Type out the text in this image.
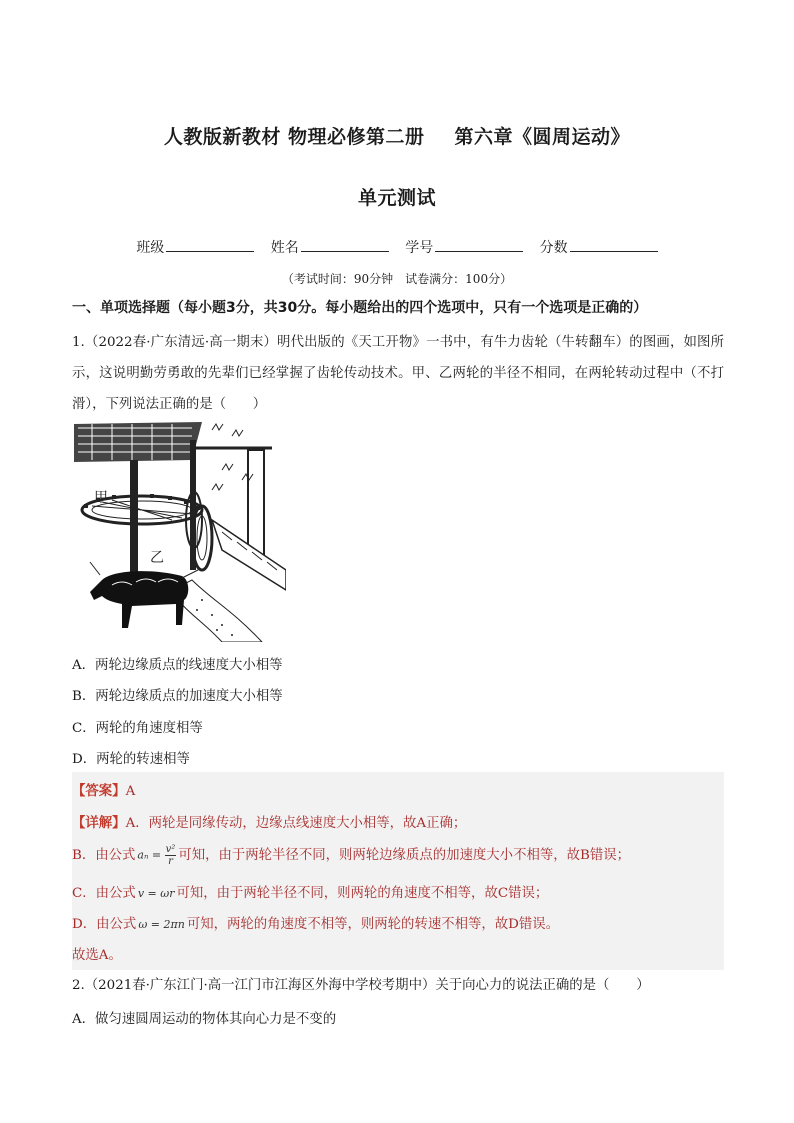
人教版新教材 物理必修第二册 第六章《圆周运动》
单元测试
班级	姓名	学号	分数
（考试时间：90分钟　试卷满分：100分）
一、单项选择题（每小题3分，共30分。每小题给出的四个选项中，只有一个选项是正确的）
1.（2022春·广东清远·高一期末）明代出版的《天工开物》一书中，有牛力齿轮（牛转翻车）的图画，如图所示，这说明勤劳勇敢的先辈们已经掌握了齿轮传动技术。甲、乙两轮的半径不相同，在两轮转动过程中（不打滑），下列说法正确的是（　　）
甲
乙
A．两轮边缘质点的线速度大小相等
B．两轮边缘质点的加速度大小相等
C．两轮的角速度相等
D．两轮的转速相等
【答案】A
【详解】A．两轮是同缘传动，边缘点线速度大小相等，故A正确；
B．由公式 $a_n = \frac{\text{v²}}{r}$ 可知，由于两轮半径不同，则两轮边缘质点的加速度大小不相等，故B错误；
C．由公式 v = ωr 可知，由于两轮半径不同，则两轮的角速度不相等，故C错误；
D．由公式 ω = 2πn 可知，两轮的角速度不相等，则两轮的转速不相等，故D错误。
故选A。
2.（2021春·广东江门·高一江门市江海区外海中学校考期中）关于向心力的说法正确的是（　　）
A．做匀速圆周运动的物体其向心力是不变的
